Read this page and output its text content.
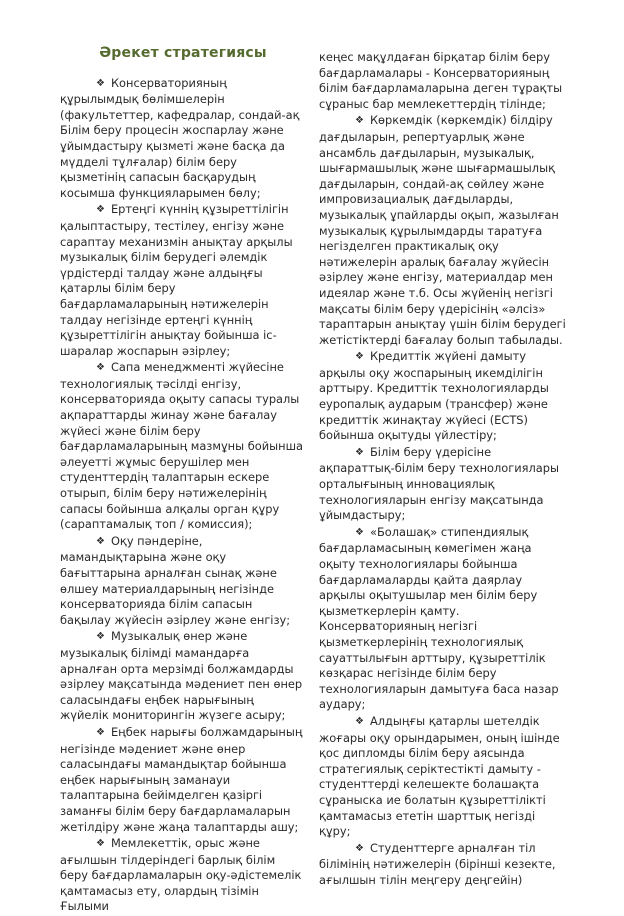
Әрекет стратегиясы

❖ Консерваторияның құрылымдық бөлімшелерін (факультеттер, кафедралар, сондай-ақ Білім беру процесін жоспарлау және ұйымдастыру қызметі және басқа да мүдделі тұлғалар) білім беру қызметінің сапасын басқарудың косымша функцияларымен бөлу;

❖ Ертеңгі күннің құзыреттілігін қалыптастыру, тестілеу, енгізу және сараптау механизмін анықтау арқылы музыкалық білім берудегі әлемдік үрдістерді талдау және алдыңғы қатарлы білім беру бағдарламаларының нәтижелерін талдау негізінде ертеңгі күннің құзыреттілігін анықтау бойынша іс-шаралар жоспарын әзірлеу;

❖ Сапа менеджменті жүйесіне технологиялық тәсілді енгізу, консерваторияда оқыту сапасы туралы ақпараттарды жинау және бағалау жүйесі және білім беру бағдарламаларының мазмұны бойынша әлеуетті жұмыс берушілер мен студенттердің талаптарын ескере отырып, білім беру нәтижелерінің сапасы бойынша алқалы орган құру (сараптамалық топ / комиссия);

❖ Оқу пәндеріне, мамандықтарына және оқу бағыттарына арналған сынақ және өлшеу материалдарының негізінде консерваторияда білім сапасын бақылау жүйесін әзірлеу және енгізу;

❖ Музыкалық өнер және музыкалық білімді мамандарға арналған орта мерзімді болжамдарды әзірлеу мақсатында мәдениет пен өнер саласындағы еңбек нарығының жүйелік мониторингін жүзеге асыру;

❖ Еңбек нарығы болжамдарының негізінде мәдениет және өнер саласындағы мамандықтар бойынша еңбек нарығының заманауи талаптарына бейімделген қазіргі заманғы білім беру бағдарламаларын жетілдіру және жаңа талаптарды ашу;

❖ Мемлекеттік, орыс және ағылшын тілдеріндегі барлық білім беру бағдарламаларын оқу-әдістемелік қамтамасыз ету, олардың тізімін Ғылыми

кеңес мақұлдаған бірқатар білім беру бағдарламалары - Консерваторияның білім бағдарламаларына деген тұрақты сұраныс бар мемлекеттердің тілінде;

❖ Көркемдік (көркемдік) білдіру дағдыларын, репертуарлық және ансамбль дағдыларын, музыкалық, шығармашылық және шығармашылық дағдыларын, сондай-ақ сөйлеу және импровизациалық дағдыларды, музыкалық ұпайларды оқып, жазылған музыкалық құрылымдарды таратуға негізделген практикалық оқу нәтижелерін аралық бағалау жүйесін әзірлеу және енгізу, материалдар мен идеялар және т.б. Осы жүйенің негізгі мақсаты білім беру үдерісінің «әлсіз» тараптарын анықтау үшін білім берудегі жетістіктерді бағалау болып табылады.

❖ Кредиттік жүйені дамыту арқылы оқу жоспарының икемділігін арттыру. Кредиттік технологияларды еуропалық аударым (трансфер) және кредиттік жинақтау жүйесі (ECTS) бойынша оқытуды үйлестіру;

❖ Білім беру үдерісіне ақпараттық-білім беру технологиялары орталығының инновациялық технологияларын енгізу мақсатында ұйымдастыру;

❖ «Болашақ» стипендиялық бағдарламасының көмегімен жаңа оқыту технологиялары бойынша бағдарламаларды қайта даярлау арқылы оқытушылар мен білім беру қызметкерлерін қамту. Консерваторияның негізгі қызметкерлерінің технологиялық сауаттылығын арттыру, құзыреттілік көзқарас негізінде білім беру технологияларын дамытуға баса назар аудару;

❖ Алдыңғы қатарлы шетелдік жоғары оқу орындарымен, оның ішінде қос дипломды білім беру аясында стратегиялық серіктестікті дамыту - студенттерді келешекте болашақта сұраныска ие болатын құзыреттілікті қамтамасыз ететін шарттық негізді құру;

❖ Студенттерге арналған тіл білімінің нәтижелерін (бірінші кезекте, ағылшын тілін меңгеру деңгейін)
